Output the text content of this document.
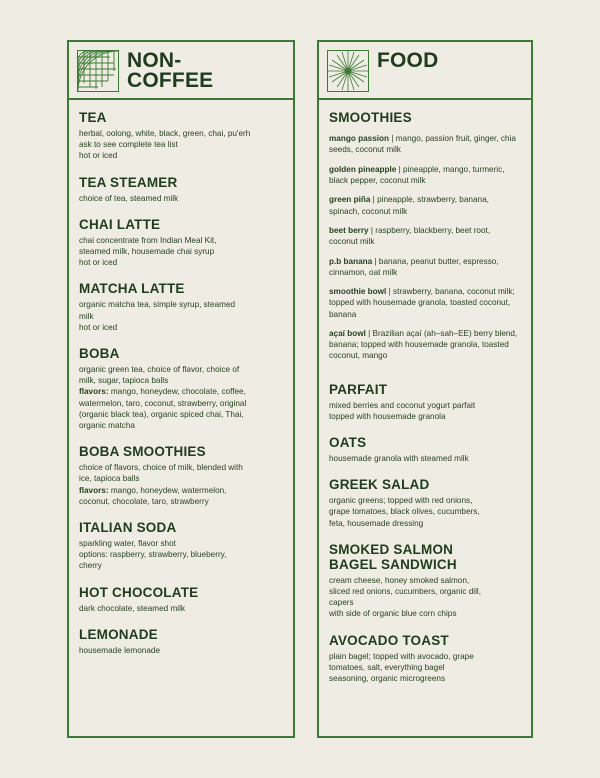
NON-
COFFEE
TEA

herbal, oolong, white, black, green, chai, pu'erh

ask to see complete tea list

hot or iced

TEA STEAMER

choice of tea, steamed milk

CHAI LATTE

chai concentrate from Indian Meal Kit,

steamed milk, housemade chai syrup

hot or iced

MATCHA LATTE

organic matcha tea, simple syrup, steamed

milk

hot or iced

BOBA

organic green tea, choice of flavor, choice of

milk, sugar, tapioca balls

flavors: mango, honeydew, chocolate, coffee,

watermelon, taro, coconut, strawberry, original

(organic black tea), organic spiced chai, Thai,

organic matcha

BOBA SMOOTHIES

choice of flavors, choice of milk, blended with

ice, tapioca balls

flavors: mango, honeydew, watermelon,

coconut, chocolate, taro, strawberry

ITALIAN SODA

sparkling water, flavor shot

options: raspberry, strawberry, blueberry,

cherry

HOT CHOCOLATE

dark chocolate, steamed milk

LEMONADE

housemade lemonade

FOOD
SMOOTHIES

mango passion | mango, passion fruit, ginger, chia seeds, coconut milk

golden pineapple | pineapple, mango, turmeric, black pepper, coconut milk

green piña | pineapple, strawberry, banana, spinach, coconut milk

beet berry | raspberry, blackberry, beet root, coconut milk

p.b banana | banana, peanut butter, espresso, cinnamon, oat milk

smoothie bowl | strawberry, banana, coconut milk; topped with housemade granola, toasted coconut, banana

açaí bowl | Brazilian açaí (ah–sah–EE) berry blend, banana; topped with housemade granola, toasted coconut, mango

PARFAIT

mixed berries and coconut yogurt parfait

topped with housemade granola

OATS

housemade granola with steamed milk

GREEK SALAD

organic greens; topped with red onions,

grape tomatoes, black olives, cucumbers,

feta, housemade dressing

SMOKED SALMON
BAGEL SANDWICH

cream cheese, honey smoked salmon,

sliced red onions, cucumbers, organic dill,

capers

with side of organic blue corn chips

AVOCADO TOAST

plain bagel; topped with avocado, grape

tomatoes, salt, everything bagel

seasoning, organic microgreens
